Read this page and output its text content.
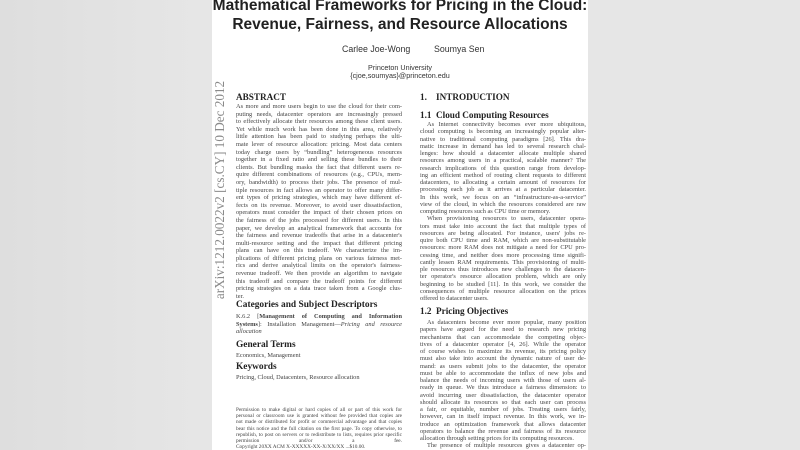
Mathematical Frameworks for Pricing in the Cloud:
Revenue, Fairness, and Resource Allocations
Carlee Joe-Wong	Soumya Sen
Princeton University
{cjoe,soumyas}@princeton.edu
ABSTRACT
As more and more users begin to use the cloud for their com-
puting needs, datacenter operators are increasingly pressed
to effectively allocate their resources among these client users.
Yet while much work has been done in this area, relatively
little attention has been paid to studying perhaps the ulti-
mate lever of resource allocation: pricing. Most data centers
today charge users by “bundling” heterogeneous resources
together in a fixed ratio and selling these bundles to their
clients. But bundling masks the fact that different users re-
quire different combinations of resources (e.g., CPUs, mem-
ory, bandwidth) to process their jobs. The presence of mul-
tiple resources in fact allows an operator to offer many differ-
ent types of pricing strategies, which may have different ef-
fects on its revenue. Moreover, to avoid user dissatisfaction,
operators must consider the impact of their chosen prices on
the fairness of the jobs processed for different users. In this
paper, we develop an analytical framework that accounts for
the fairness and revenue tradeoffs that arise in a datacenter's
multi-resource setting and the impact that different pricing
plans can have on this tradeoff. We characterize the im-
plications of different pricing plans on various fairness met-
rics and derive analytical limits on the operator's fairness-
revenue tradeoff. We then provide an algorithm to navigate
this tradeoff and compare the tradeoff points for different
pricing strategies on a data trace taken from a Google clus-
ter.
Categories and Subject Descriptors
K.6.2 [Management of Computing and Information
Systems]: Installation Management—Pricing and resource
allocation
General Terms
Economics, Management
Keywords
Pricing, Cloud, Datacenters, Resource allocation
Permission to make digital or hard copies of all or part of this work for
personal or classroom use is granted without fee provided that copies are
not made or distributed for profit or commercial advantage and that copies
bear this notice and the full citation on the first page. To copy otherwise, to
republish, to post on servers or to redistribute to lists, requires prior specific
permission and/or a fee.
Copyright 20XX ACM X-XXXXX-XX-X/XX/XX ...$10.00.
1. INTRODUCTION
1.1 Cloud Computing Resources
As Internet connectivity becomes ever more ubiquitous,
cloud computing is becoming an increasingly popular alter-
native to traditional computing paradigms [26]. This dra-
matic increase in demand has led to several research chal-
lenges: how should a datacenter allocate multiple shared
resources among users in a practical, scalable manner? The
research implications of this question range from develop-
ing an efficient method of routing client requests to different
datacenters, to allocating a certain amount of resources for
processing each job as it arrives at a particular datacenter.
In this work, we focus on an “infrastructure-as-a-service”
view of the cloud, in which the resources considered are raw
computing resources such as CPU time or memory.
When provisioning resources to users, datacenter opera-
tors must take into account the fact that multiple types of
resources are being allocated. For instance, users' jobs re-
quire both CPU time and RAM, which are non-substitutable
resources: more RAM does not mitigate a need for CPU pro-
cessing time, and neither does more processing time signifi-
cantly lessen RAM requirements. This provisioning of multi-
ple resources thus introduces new challenges to the datacen-
ter operator's resource allocation problem, which are only
beginning to be studied [11]. In this work, we consider the
consequences of multiple resource allocation on the prices
offered to datacenter users.
1.2 Pricing Objectives
As datacenters become ever more popular, many position
papers have argued for the need to research new pricing
mechanisms that can accommodate the competing objec-
tives of a datacenter operator [4, 26]. While the operator
of course wishes to maximize its revenue, its pricing policy
must also take into account the dynamic nature of user de-
mand: as users submit jobs to the datacenter, the operator
must be able to accommodate the influx of new jobs and
balance the needs of incoming users with those of users al-
ready in queue. We thus introduce a fairness dimension: to
avoid incurring user dissatisfaction, the datacenter operator
should allocate its resources so that each user can process
a fair, or equitable, number of jobs. Treating users fairly,
however, can in itself impact revenue. In this work, we in-
troduce an optimization framework that allows datacenter
operators to balance the revenue and fairness of its resource
allocation through setting prices for its computing resources.
The presence of multiple resources gives a datacenter op-
arXiv:1212.0022v2 [cs.CY] 10 Dec 2012
